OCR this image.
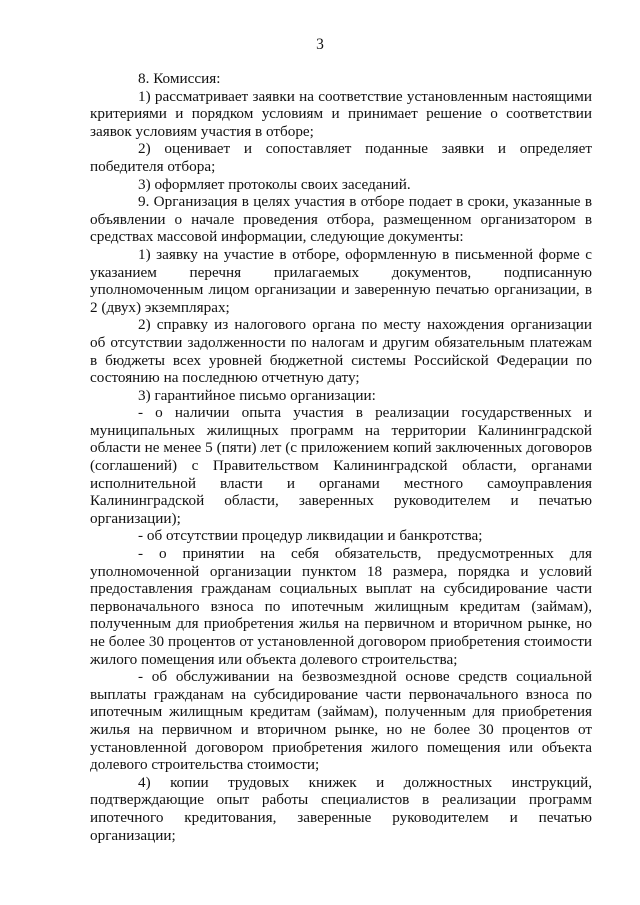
3

8. Комиссия:

1) рассматривает заявки на соответствие установленным настоящими критериями и порядком условиям и принимает решение о соответствии заявок условиям участия в отборе;

2) оценивает и сопоставляет поданные заявки и определяет победителя отбора;

3) оформляет протоколы своих заседаний.

9. Организация в целях участия в отборе подает в сроки, указанные в объявлении о начале проведения отбора, размещенном организатором в средствах массовой информации, следующие документы:

1) заявку на участие в отборе, оформленную в письменной форме с указанием перечня прилагаемых документов, подписанную уполномоченным лицом организации и заверенную печатью организации, в 2 (двух) экземплярах;

2) справку из налогового органа по месту нахождения организации об отсутствии задолженности по налогам и другим обязательным платежам в бюджеты всех уровней бюджетной системы Российской Федерации по состоянию на последнюю отчетную дату;

3) гарантийное письмо организации:

- о наличии опыта участия в реализации государственных и муниципальных жилищных программ на территории Калининградской области не менее 5 (пяти) лет (с приложением копий заключенных договоров (соглашений) с Правительством Калининградской области, органами исполнительной власти и органами местного самоуправления Калининградской области, заверенных руководителем и печатью организации);

- об отсутствии процедур ликвидации и банкротства;

- о принятии на себя обязательств, предусмотренных для уполномоченной организации пунктом 18 размера, порядка и условий предоставления гражданам социальных выплат на субсидирование части первоначального взноса по ипотечным жилищным кредитам (займам), полученным для приобретения жилья на первичном и вторичном рынке, но не более 30 процентов от установленной договором приобретения стоимости жилого помещения или объекта долевого строительства;

- об обслуживании на безвозмездной основе средств социальной выплаты гражданам на субсидирование части первоначального взноса по ипотечным жилищным кредитам (займам), полученным для приобретения жилья на первичном и вторичном рынке, но не более 30 процентов от установленной договором приобретения жилого помещения или объекта долевого строительства стоимости;

4) копии трудовых книжек и должностных инструкций, подтверждающие опыт работы специалистов в реализации программ ипотечного кредитования, заверенные руководителем и печатью организации;
